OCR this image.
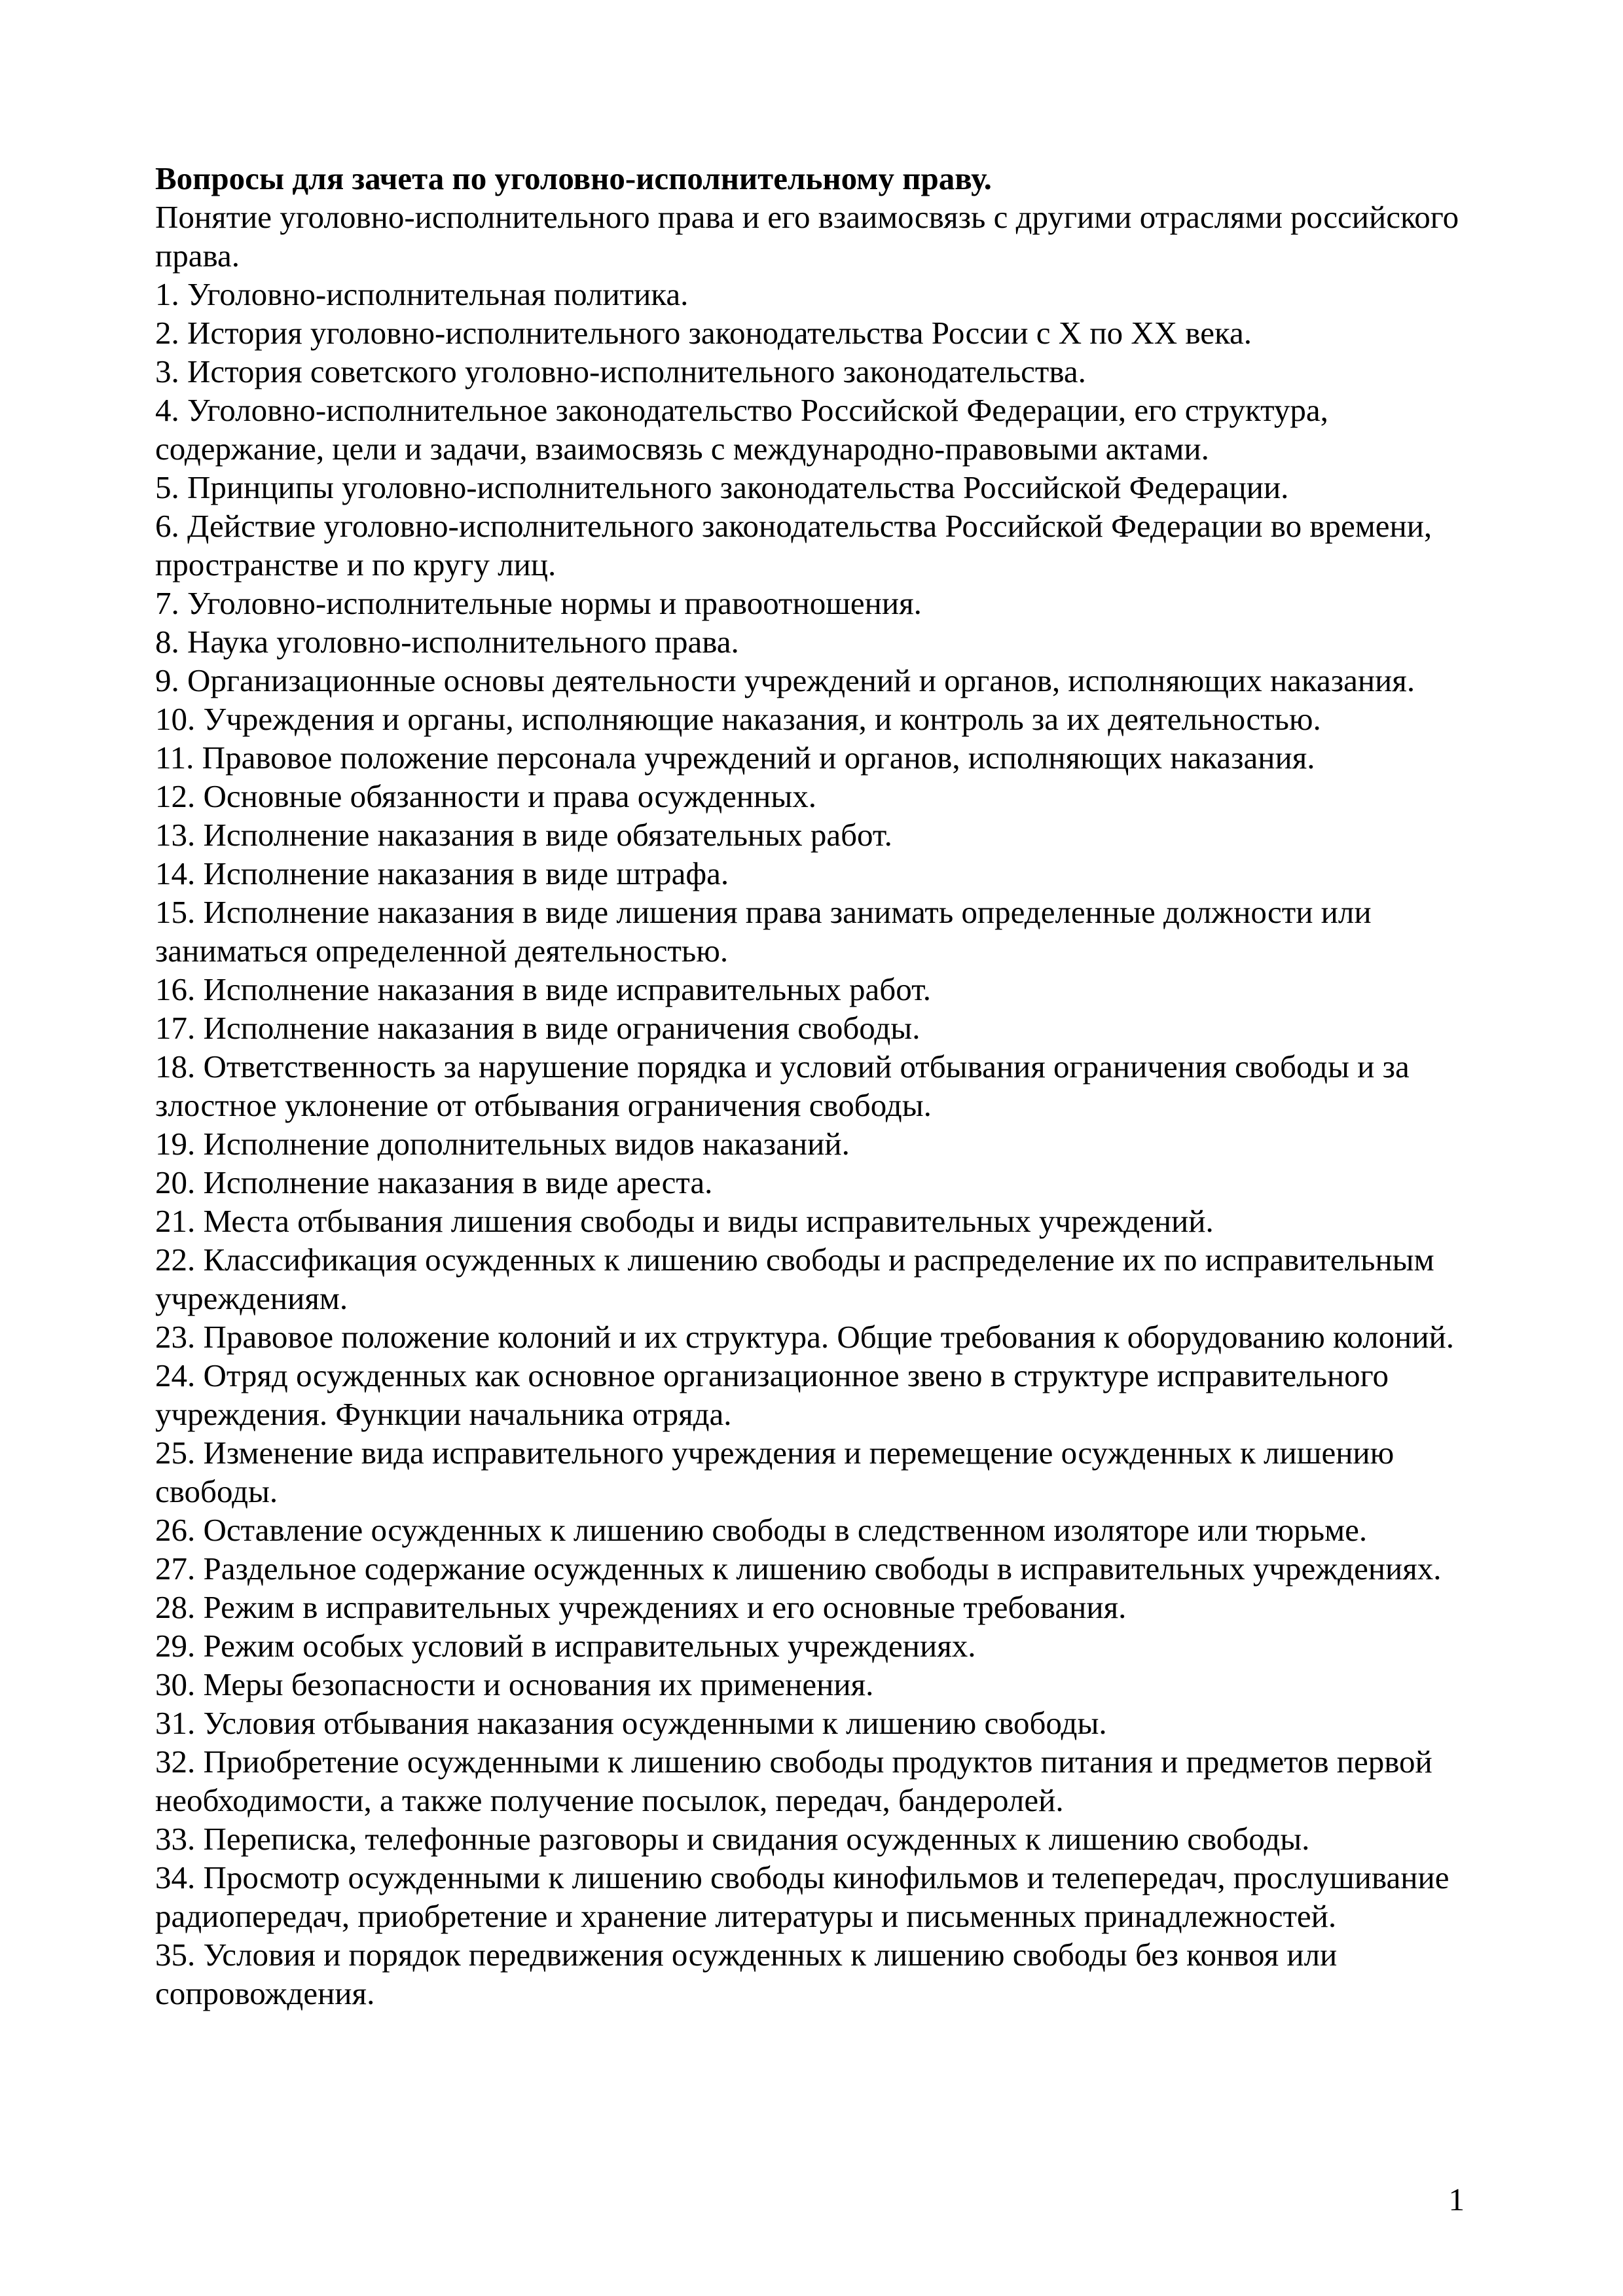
Вопросы для зачета по уголовно-исполнительному праву.

Понятие уголовно-исполнительного права и его взаимосвязь с другими отраслями российского права.

1. Уголовно-исполнительная политика.

2. История уголовно-исполнительного законодательства России с X по XX века.

3. История советского уголовно-исполнительного законодательства.

4. Уголовно-исполнительное законодательство Российской Федерации, его структура, содержание, цели и задачи, взаимосвязь с международно-правовыми актами.

5. Принципы уголовно-исполнительного законодательства Российской Федерации.

6. Действие уголовно-исполнительного законодательства Российской Федерации во времени, пространстве и по кругу лиц.

7. Уголовно-исполнительные нормы и правоотношения.

8. Наука уголовно-исполнительного права.

9. Организационные основы деятельности учреждений и органов, исполняющих наказания.

10. Учреждения и органы, исполняющие наказания, и контроль за их деятельностью.

11. Правовое положение персонала учреждений и органов, исполняющих наказания.

12. Основные обязанности и права осужденных.

13. Исполнение наказания в виде обязательных работ.

14. Исполнение наказания в виде штрафа.

15. Исполнение наказания в виде лишения права занимать определенные должности или заниматься определенной деятельностью.

16. Исполнение наказания в виде исправительных работ.

17. Исполнение наказания в виде ограничения свободы.

18. Ответственность за нарушение порядка и условий отбывания ограничения свободы и за злостное уклонение от отбывания ограничения свободы.

19. Исполнение дополнительных видов наказаний.

20. Исполнение наказания в виде ареста.

21. Места отбывания лишения свободы и виды исправительных учреждений.

22. Классификация осужденных к лишению свободы и распределение их по исправительным учреждениям.

23. Правовое положение колоний и их структура. Общие требования к оборудованию колоний.

24. Отряд осужденных как основное организационное звено в структуре исправительного учреждения. Функции начальника отряда.

25. Изменение вида исправительного учреждения и перемещение осужденных к лишению свободы.

26. Оставление осужденных к лишению свободы в следственном изоляторе или тюрьме.

27. Раздельное содержание осужденных к лишению свободы в исправительных учреждениях.

28. Режим в исправительных учреждениях и его основные требования.

29. Режим особых условий в исправительных учреждениях.

30. Меры безопасности и основания их применения.

31. Условия отбывания наказания осужденными к лишению свободы.

32. Приобретение осужденными к лишению свободы продуктов питания и предметов первой необходимости, а также получение посылок, передач, бандеролей.

33. Переписка, телефонные разговоры и свидания осужденных к лишению свободы.

34. Просмотр осужденными к лишению свободы кинофильмов и телепередач, прослушивание радиопередач, приобретение и хранение литературы и письменных принадлежностей.

35. Условия и порядок передвижения осужденных к лишению свободы без конвоя или сопровождения.

1
